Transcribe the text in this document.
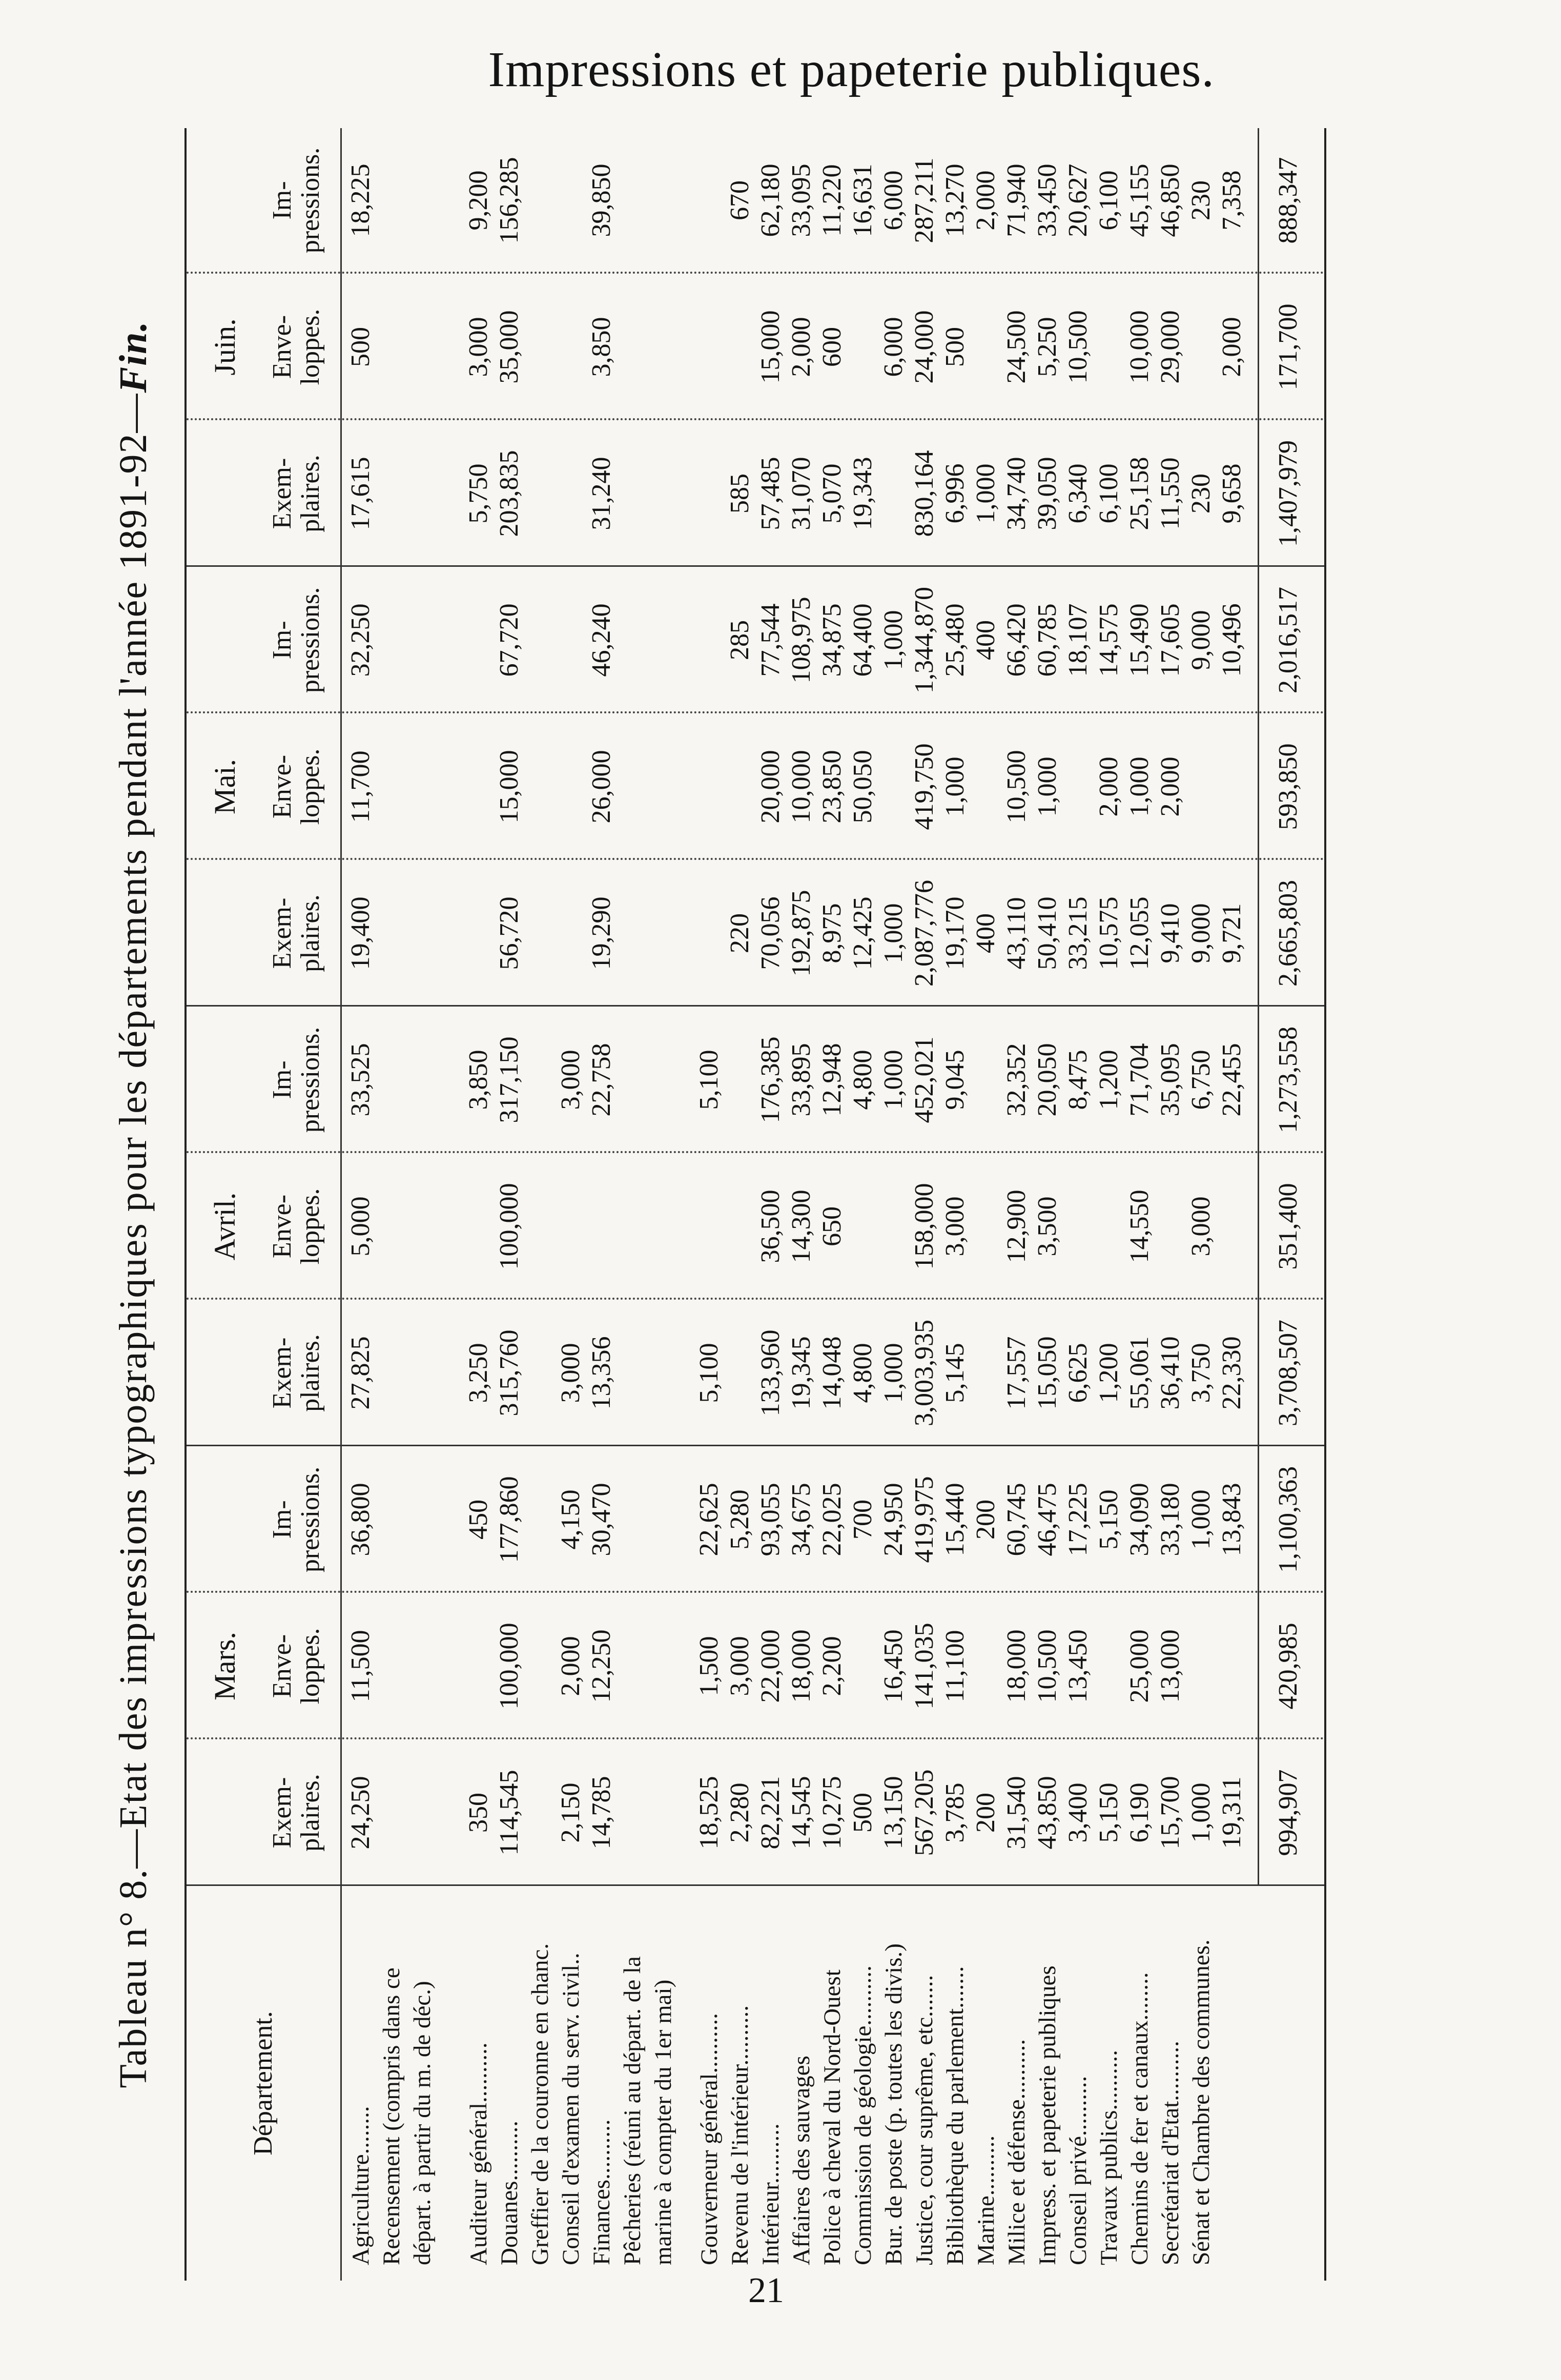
Impressions et papeterie publiques.
Tableau n° 8.—Etat des impressions typographiques pour les départements pendant l'année 1891-92—Fin.
Département.
Mars.
Exem-
plaires.
Enve-
loppes.
Im-
pressions.
Avril.
Exem-
plaires.
Enve-
loppes.
Im-
pressions.
Mai.
Exem-
plaires.
Enve-
loppes.
Im-
pressions.
Juin.
Exem-
plaires.
Enve-
loppes.
Im-
pressions.
Agriculture........ Recensement (compris dans ce départ. à partir du m. de déc.)
24,250
11,500
36,800
27,825
5,000
33,525
19,400
11,700
32,250
17,615
500
18,225
Auditeur général.......... Douanes.......... Greffier de la couronne en chanc. Conseil d'examen du serv. civil.. Finances.......... Pêcheries (réuni au départ. de la marine à compter du 1er mai)
350 114,545
2,150 14,785

100,000
2,000 12,250
450 177,860
4,150 30,470
3,250 315,760
3,000 13,356

100,000

3,850 317,150
3,000 22,758

56,720

19,290

15,000

26,000

67,720

46,240
5,750 203,835

31,240
3,000 35,000

3,850
9,200 156,285

39,850
Gouverneur général.......... Revenu de l'intérieur.......... Intérieur.......... Affaires des sauvages Police à cheval du Nord-Ouest Commission de géologie.......... Bur. de poste (p. toutes les divis.) Justice, cour suprême, etc....... Bibliothèque du parlement....... Marine.......... Milice et défense.......... Impress. et papeterie publiques Conseil privé.......... Travaux publics.......... Chemins de fer et canaux........ Secrétariat d'Etat.......... Sénat et Chambre des communes.
18,525 2,280 82,221 14,545 10,275 500 13,150 567,205 3,785 200 31,540 43,850 3,400 5,150 6,190 15,700 1,000 19,311
1,500 3,000 22,000 18,000 2,200
16,450 141,035 11,100
18,000 10,500 13,450
25,000 13,000

22,625 5,280 93,055 34,675 22,025 700 24,950 419,975 15,440 200 60,745 46,475 17,225 5,150 34,090 33,180 1,000 13,843
5,100
133,960 19,345 14,048 4,800 1,000 3,003,935 5,145
17,557 15,050 6,625 1,200 55,061 36,410 3,750 22,330

36,500 14,300 650

158,000 3,000
12,900 3,500

14,550
3,000

5,100
176,385 33,895 12,948 4,800 1,000 452,021 9,045
32,352 20,050 8,475 1,200 71,704 35,095 6,750 22,455

220 70,056 192,875 8,975 12,425 1,000 2,087,776 19,170 400 43,110 50,410 33,215 10,575 12,055 9,410 9,000 9,721

20,000 10,000 23,850 50,050
419,750 1,000
10,500 1,000
2,000 1,000 2,000

285 77,544 108,975 34,875 64,400 1,000 1,344,870 25,480 400 66,420 60,785 18,107 14,575 15,490 17,605 9,000 10,496

585 57,485 31,070 5,070 19,343
830,164 6,996 1,000 34,740 39,050 6,340 6,100 25,158 11,550 230 9,658

15,000 2,000 600
6,000 24,000 500
24,500 5,250 10,500
10,000 29,000
2,000

670 62,180 33,095 11,220 16,631 6,000 287,211 13,270 2,000 71,940 33,450 20,627 6,100 45,155 46,850 230 7,358
994,907
420,985
1,100,363
3,708,507
351,400
1,273,558
2,665,803
593,850
2,016,517
1,407,979
171,700
888,347
21
